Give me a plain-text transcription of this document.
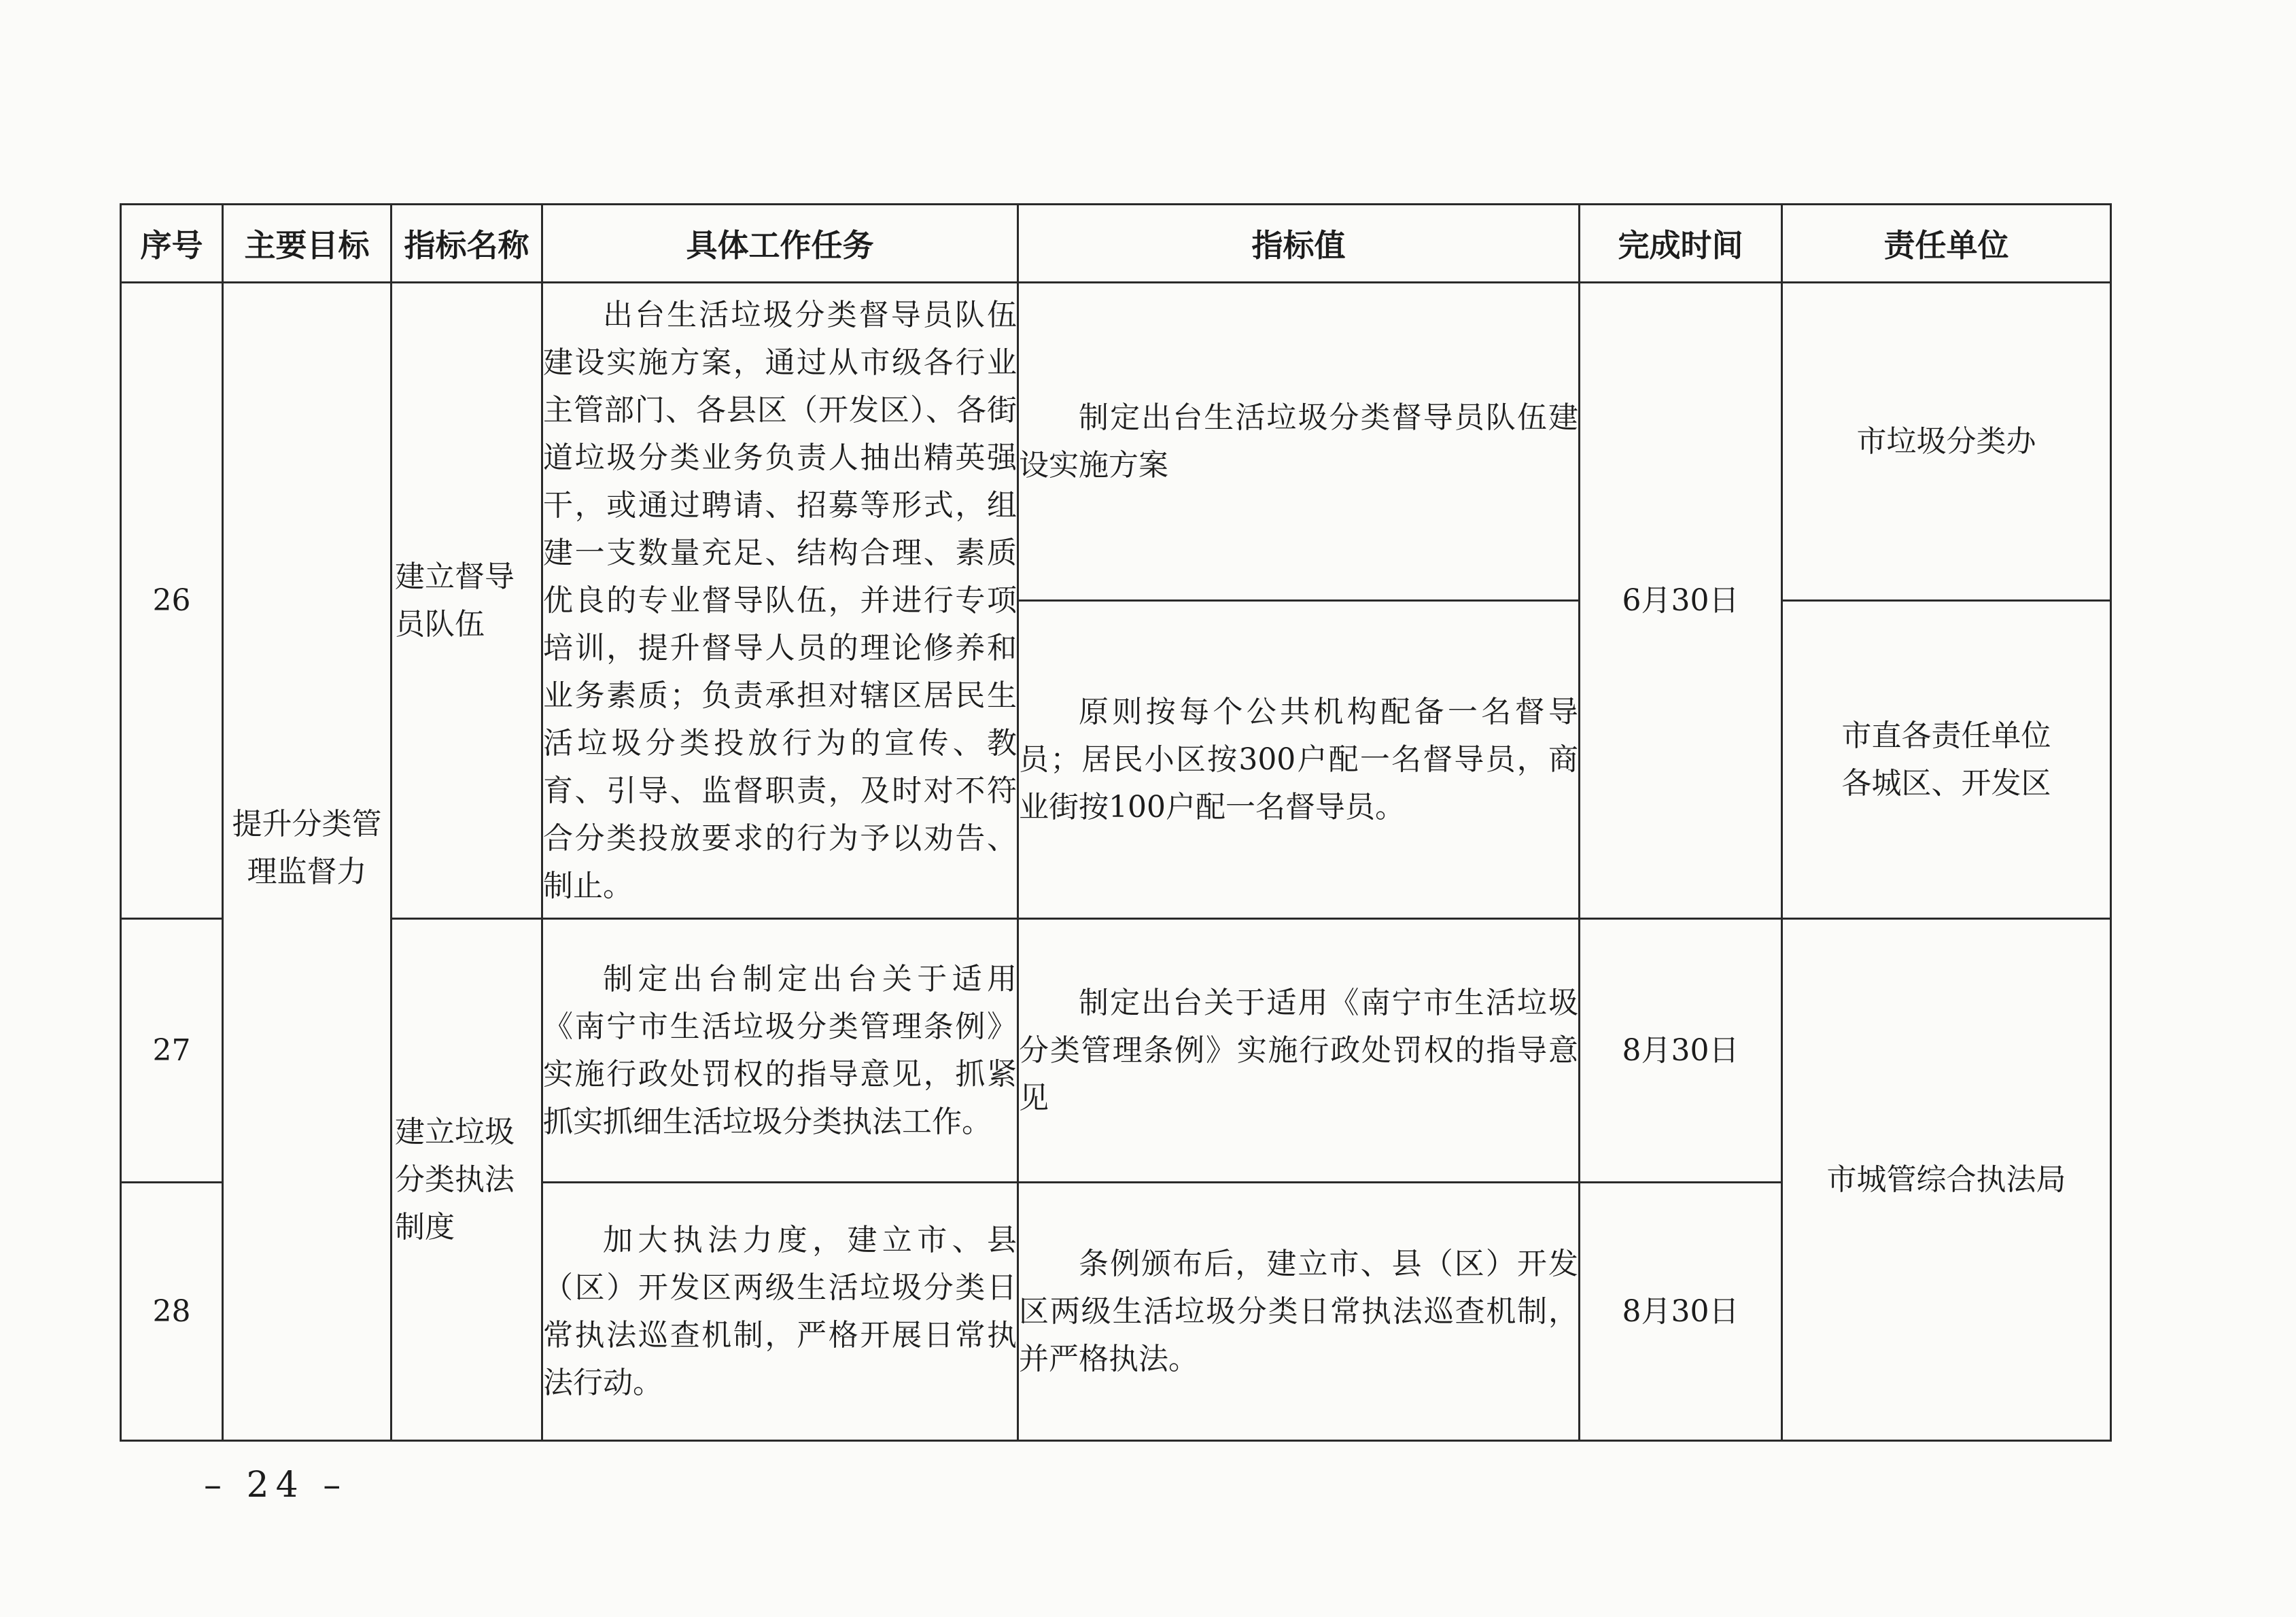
序号	主要目标	指标名称	具体工作任务	指标值	完成时间	责任单位
26	提升分类管理监督力	建立督导员队伍	出台生活垃圾分类督导员队伍建设实施方案，通过从市级各行业主管部门、各县区（开发区）、各街道垃圾分类业务负责人抽出精英强干，或通过聘请、招募等形式，组建一支数量充足、结构合理、素质优良的专业督导队伍，并进行专项培训，提升督导人员的理论修养和业务素质；负责承担对辖区居民生活垃圾分类投放行为的宣传、教育、引导、监督职责，及时对不符合分类投放要求的行为予以劝告、制止。	制定出台生活垃圾分类督导员队伍建设实施方案	6月30日	市垃圾分类办
				原则按每个公共机构配备一名督导员；居民小区按300户配一名督导员，商业街按100户配一名督导员。		市直各责任单位
各城区、开发区

27		建立垃圾分类执法制度	制定出台制定出台关于适用《南宁市生活垃圾分类管理条例》实施行政处罚权的指导意见，抓紧抓实抓细生活垃圾分类执法工作。	制定出台关于适用《南宁市生活垃圾分类管理条例》实施行政处罚权的指导意见	8月30日	市城管综合执法局
28			加大执法力度，建立市、县（区）开发区两级生活垃圾分类日常执法巡查机制，严格开展日常执法行动。	条例颁布后，建立市、县（区）开发区两级生活垃圾分类日常执法巡查机制，并严格执法。	8月30日	
– 24 –
